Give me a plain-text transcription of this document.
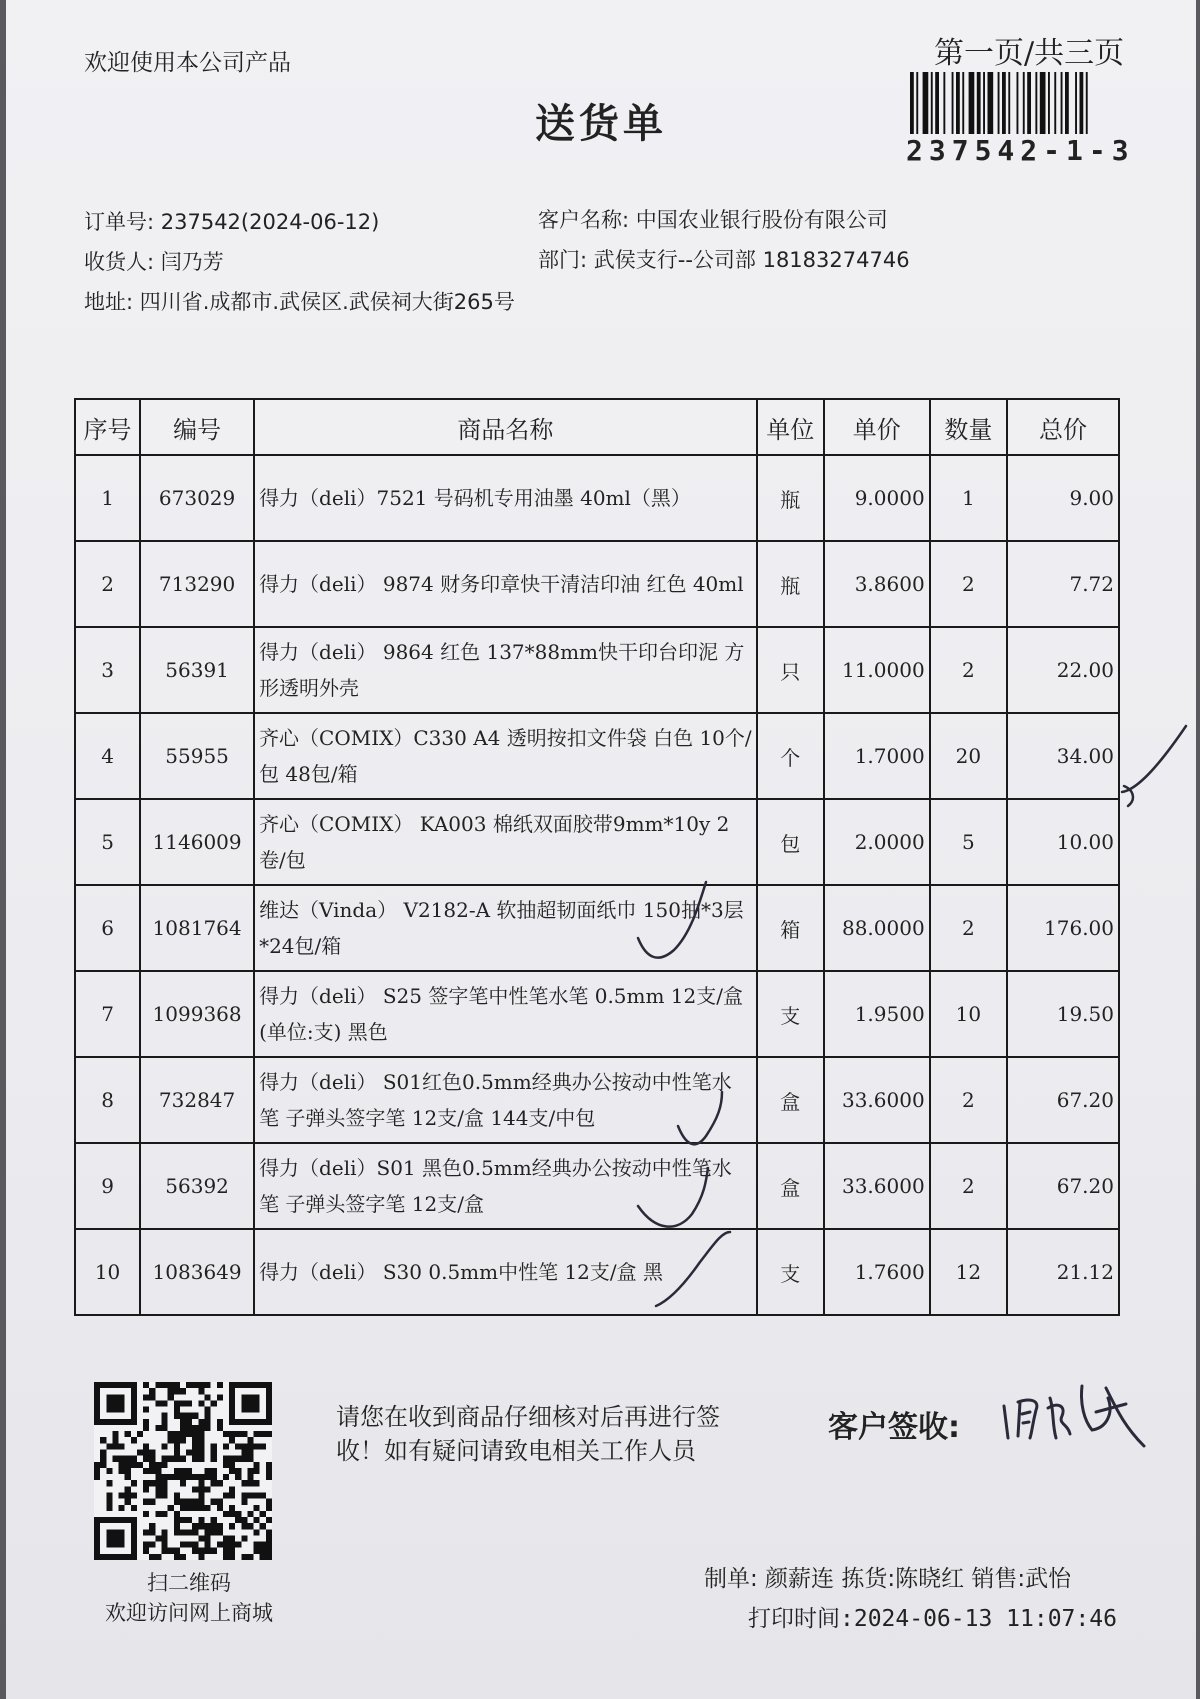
欢迎使用本公司产品
送货单
第一页/共三页
237542-1-3
订单号: 237542(2024-06-12)	客户名称: 中国农业银行股份有限公司
收货人: 闫乃芳	部门: 武侯支行--公司部 18183274746
地址: 四川省.成都市.武侯区.武侯祠大街265号
序号	编号	商品名称	单位	单价	数量	总价
1	673029	得力（deli）7521 号码机专用油墨 40ml（黑）	瓶	9.0000	1	9.00
2	713290	得力（deli） 9874 财务印章快干清洁印油 红色 40ml	瓶	3.8600	2	7.72
3	56391	得力（deli） 9864 红色 137*88mm快干印台印泥 方形透明外壳	只	11.0000	2	22.00
4	55955	齐心（COMIX）C330 A4 透明按扣文件袋 白色 10个/包 48包/箱	个	1.7000	20	34.00
5	1146009	齐心（COMIX） KA003 棉纸双面胶带9mm*10y 2卷/包	包	2.0000	5	10.00
6	1081764	维达（Vinda） V2182-A 软抽超韧面纸巾 150抽*3层*24包/箱	箱	88.0000	2	176.00
7	1099368	得力（deli） S25 签字笔中性笔水笔 0.5mm 12支/盒(单位:支) 黑色	支	1.9500	10	19.50
8	732847	得力（deli） S01红色0.5mm经典办公按动中性笔水笔 子弹头签字笔 12支/盒 144支/中包	盒	33.6000	2	67.20
9	56392	得力（deli）S01 黑色0.5mm经典办公按动中性笔水笔 子弹头签字笔 12支/盒	盒	33.6000	2	67.20
10	1083649	得力（deli） S30 0.5mm中性笔 12支/盒 黑	支	1.7600	12	21.12
扫二维码
欢迎访问网上商城
请您在收到商品仔细核对后再进行签收！如有疑问请致电相关工作人员
客户签收:
制单: 颜薪连 拣货:陈晓红 销售:武怡
打印时间:2024-06-13 11:07:46
